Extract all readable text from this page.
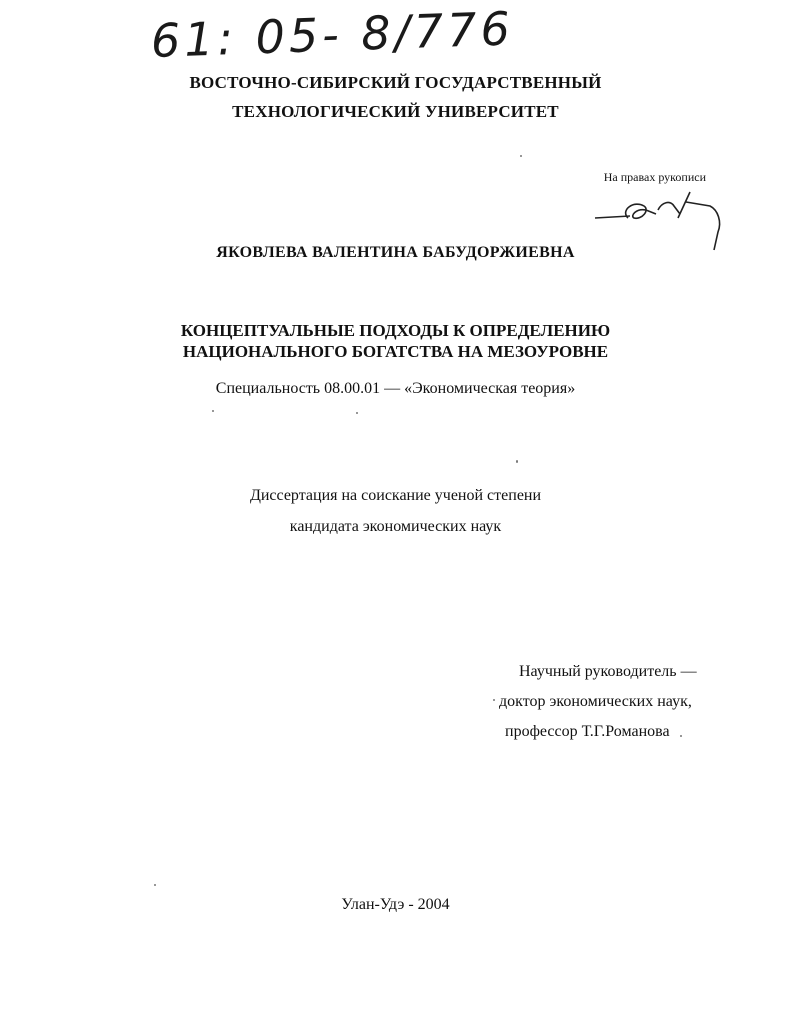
61: 05- 8/776
ВОСТОЧНО-СИБИРСКИЙ ГОСУДАРСТВЕННЫЙ
ТЕХНОЛОГИЧЕСКИЙ УНИВЕРСИТЕТ
На правах рукописи
ЯКОВЛЕВА ВАЛЕНТИНА БАБУДОРЖИЕВНА
КОНЦЕПТУАЛЬНЫЕ ПОДХОДЫ К ОПРЕДЕЛЕНИЮ
НАЦИОНАЛЬНОГО БОГАТСТВА НА МЕЗОУРОВНЕ
Специальность 08.00.01 — «Экономическая теория»
Диссертация на соискание ученой степени
кандидата экономических наук
Научный руководитель —
доктор экономических наук,
профессор Т.Г.Романова
Улан-Удэ - 2004
